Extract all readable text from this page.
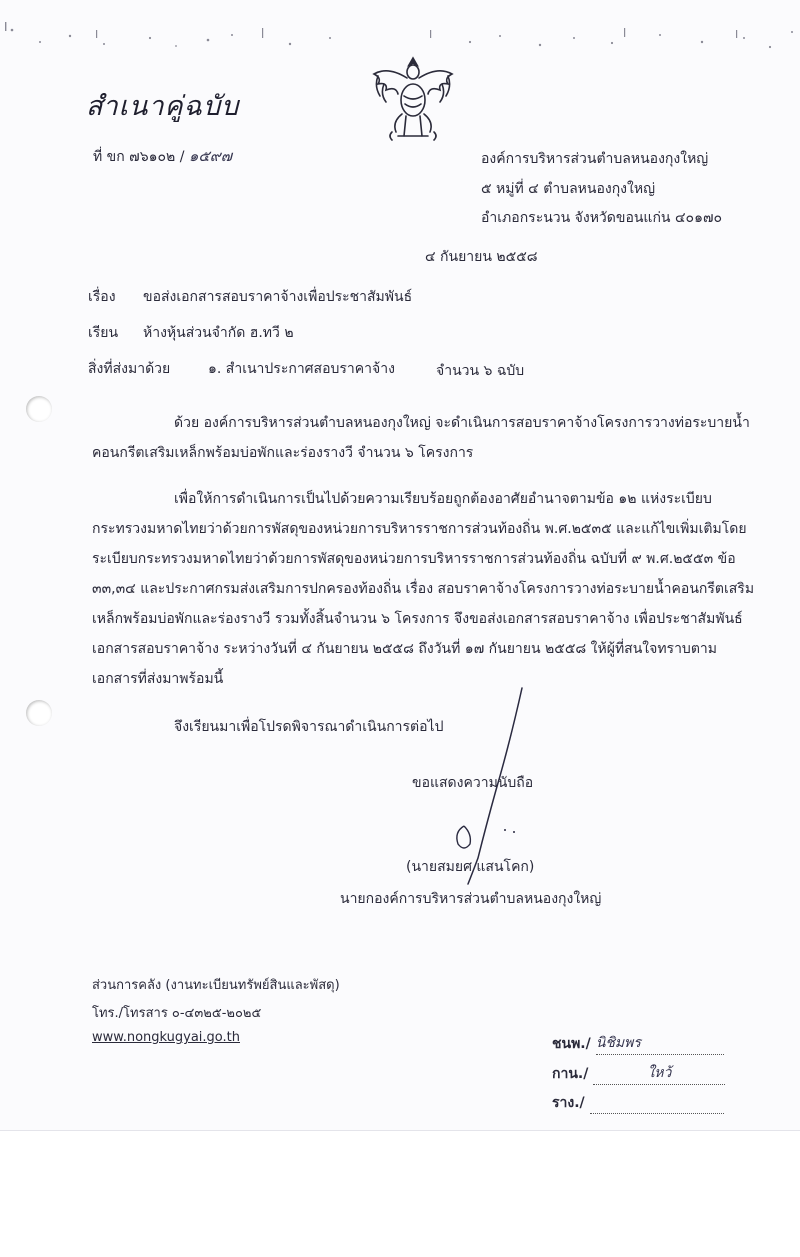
สำเนาคู่ฉบับ
ที่ ขก ๗๖๑๐๒ / ๑๕๙๗	องค์การบริหารส่วนตำบลหนองกุงใหญ่
๕ หมู่ที่ ๔ ตำบลหนองกุงใหญ่
อำเภอกระนวน จังหวัดขอนแก่น ๔๐๑๗๐
๔ กันยายน ๒๕๕๘
เรื่อง ขอส่งเอกสารสอบราคาจ้างเพื่อประชาสัมพันธ์
เรียน ห้างหุ้นส่วนจำกัด ฮ.ทวี ๒
สิ่งที่ส่งมาด้วย	๑. สำเนาประกาศสอบราคาจ้าง	จำนวน ๖ ฉบับ
ด้วย องค์การบริหารส่วนตำบลหนองกุงใหญ่ จะดำเนินการสอบราคาจ้างโครงการวางท่อระบายน้ำ
คอนกรีตเสริมเหล็กพร้อมบ่อพักและร่องรางวี จำนวน ๖ โครงการ
เพื่อให้การดำเนินการเป็นไปด้วยความเรียบร้อยถูกต้องอาศัยอำนาจตามข้อ ๑๒ แห่งระเบียบ
กระทรวงมหาดไทยว่าด้วยการพัสดุของหน่วยการบริหารราชการส่วนท้องถิ่น พ.ศ.๒๕๓๕ และแก้ไขเพิ่มเติมโดย
ระเบียบกระทรวงมหาดไทยว่าด้วยการพัสดุของหน่วยการบริหารราชการส่วนท้องถิ่น ฉบับที่ ๙ พ.ศ.๒๕๕๓ ข้อ
๓๓,๓๔ และประกาศกรมส่งเสริมการปกครองท้องถิ่น เรื่อง สอบราคาจ้างโครงการวางท่อระบายน้ำคอนกรีตเสริม
เหล็กพร้อมบ่อพักและร่องรางวี รวมทั้งสิ้นจำนวน ๖ โครงการ จึงขอส่งเอกสารสอบราคาจ้าง เพื่อประชาสัมพันธ์
เอกสารสอบราคาจ้าง ระหว่างวันที่ ๔ กันยายน ๒๕๕๘ ถึงวันที่ ๑๗ กันยายน ๒๕๕๘ ให้ผู้ที่สนใจทราบตาม
เอกสารที่ส่งมาพร้อมนี้
จึงเรียนมาเพื่อโปรดพิจารณาดำเนินการต่อไป
ขอแสดงความนับถือ
(นายสมยศ แสนโคก)
นายกองค์การบริหารส่วนตำบลหนองกุงใหญ่
ส่วนการคลัง (งานทะเบียนทรัพย์สินและพัสดุ)
โทร./โทรสาร ๐-๔๓๒๕-๒๐๒๕
www.nongkugyai.go.th	ชนพ./ นิชิมพร
กาน./	ใหว้
ราง./
